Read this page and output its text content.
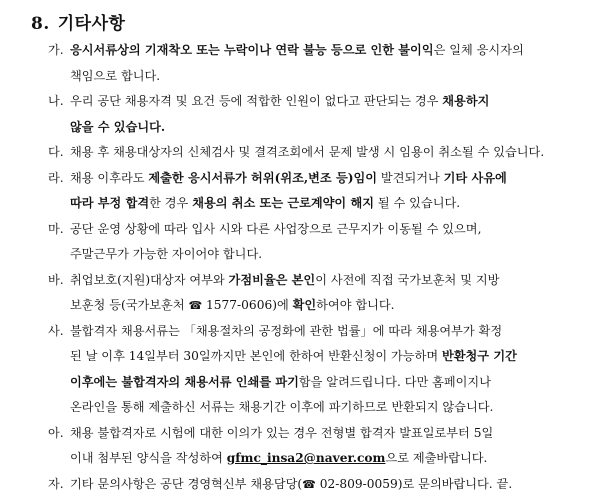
8. 기타사항
가. 응시서류상의 기재착오 또는 누락이나 연락 불능 등으로 인한 불이익은 일체 응시자의
책임으로 합니다.
나. 우리 공단 채용자격 및 요건 등에 적합한 인원이 없다고 판단되는 경우 채용하지
않을 수 있습니다.
다. 채용 후 채용대상자의 신체검사 및 결격조회에서 문제 발생 시 임용이 취소될 수 있습니다.
라. 채용 이후라도 제출한 응시서류가 허위(위조,변조 등)임이 발견되거나 기타 사유에
따라 부정 합격한 경우 채용의 취소 또는 근로계약이 해지 될 수 있습니다.
마. 공단 운영 상황에 따라 입사 시와 다른 사업장으로 근무지가 이동될 수 있으며,
주말근무가 가능한 자이어야 합니다.
바. 취업보호(지원)대상자 여부와 가점비율은 본인이 사전에 직접 국가보훈처 및 지방
보훈청 등(국가보훈처 ☎ 1577-0606)에 확인하여야 합니다.
사. 불합격자 채용서류는 「채용절차의 공정화에 관한 법률」에 따라 채용여부가 확정
된 날 이후 14일부터 30일까지만 본인에 한하여 반환신청이 가능하며 반환청구 기간
이후에는 불합격자의 채용서류 인쇄를 파기함을 알려드립니다. 다만 홈페이지나
온라인을 통해 제출하신 서류는 채용기간 이후에 파기하므로 반환되지 않습니다.
아. 채용 불합격자로 시험에 대한 이의가 있는 경우 전형별 합격자 발표일로부터 5일
이내 첨부된 양식을 작성하여 gfmc_insa2@naver.com으로 제출바랍니다.
자. 기타 문의사항은 공단 경영혁신부 채용담당(☎ 02-809-0059)로 문의바랍니다. 끝.
